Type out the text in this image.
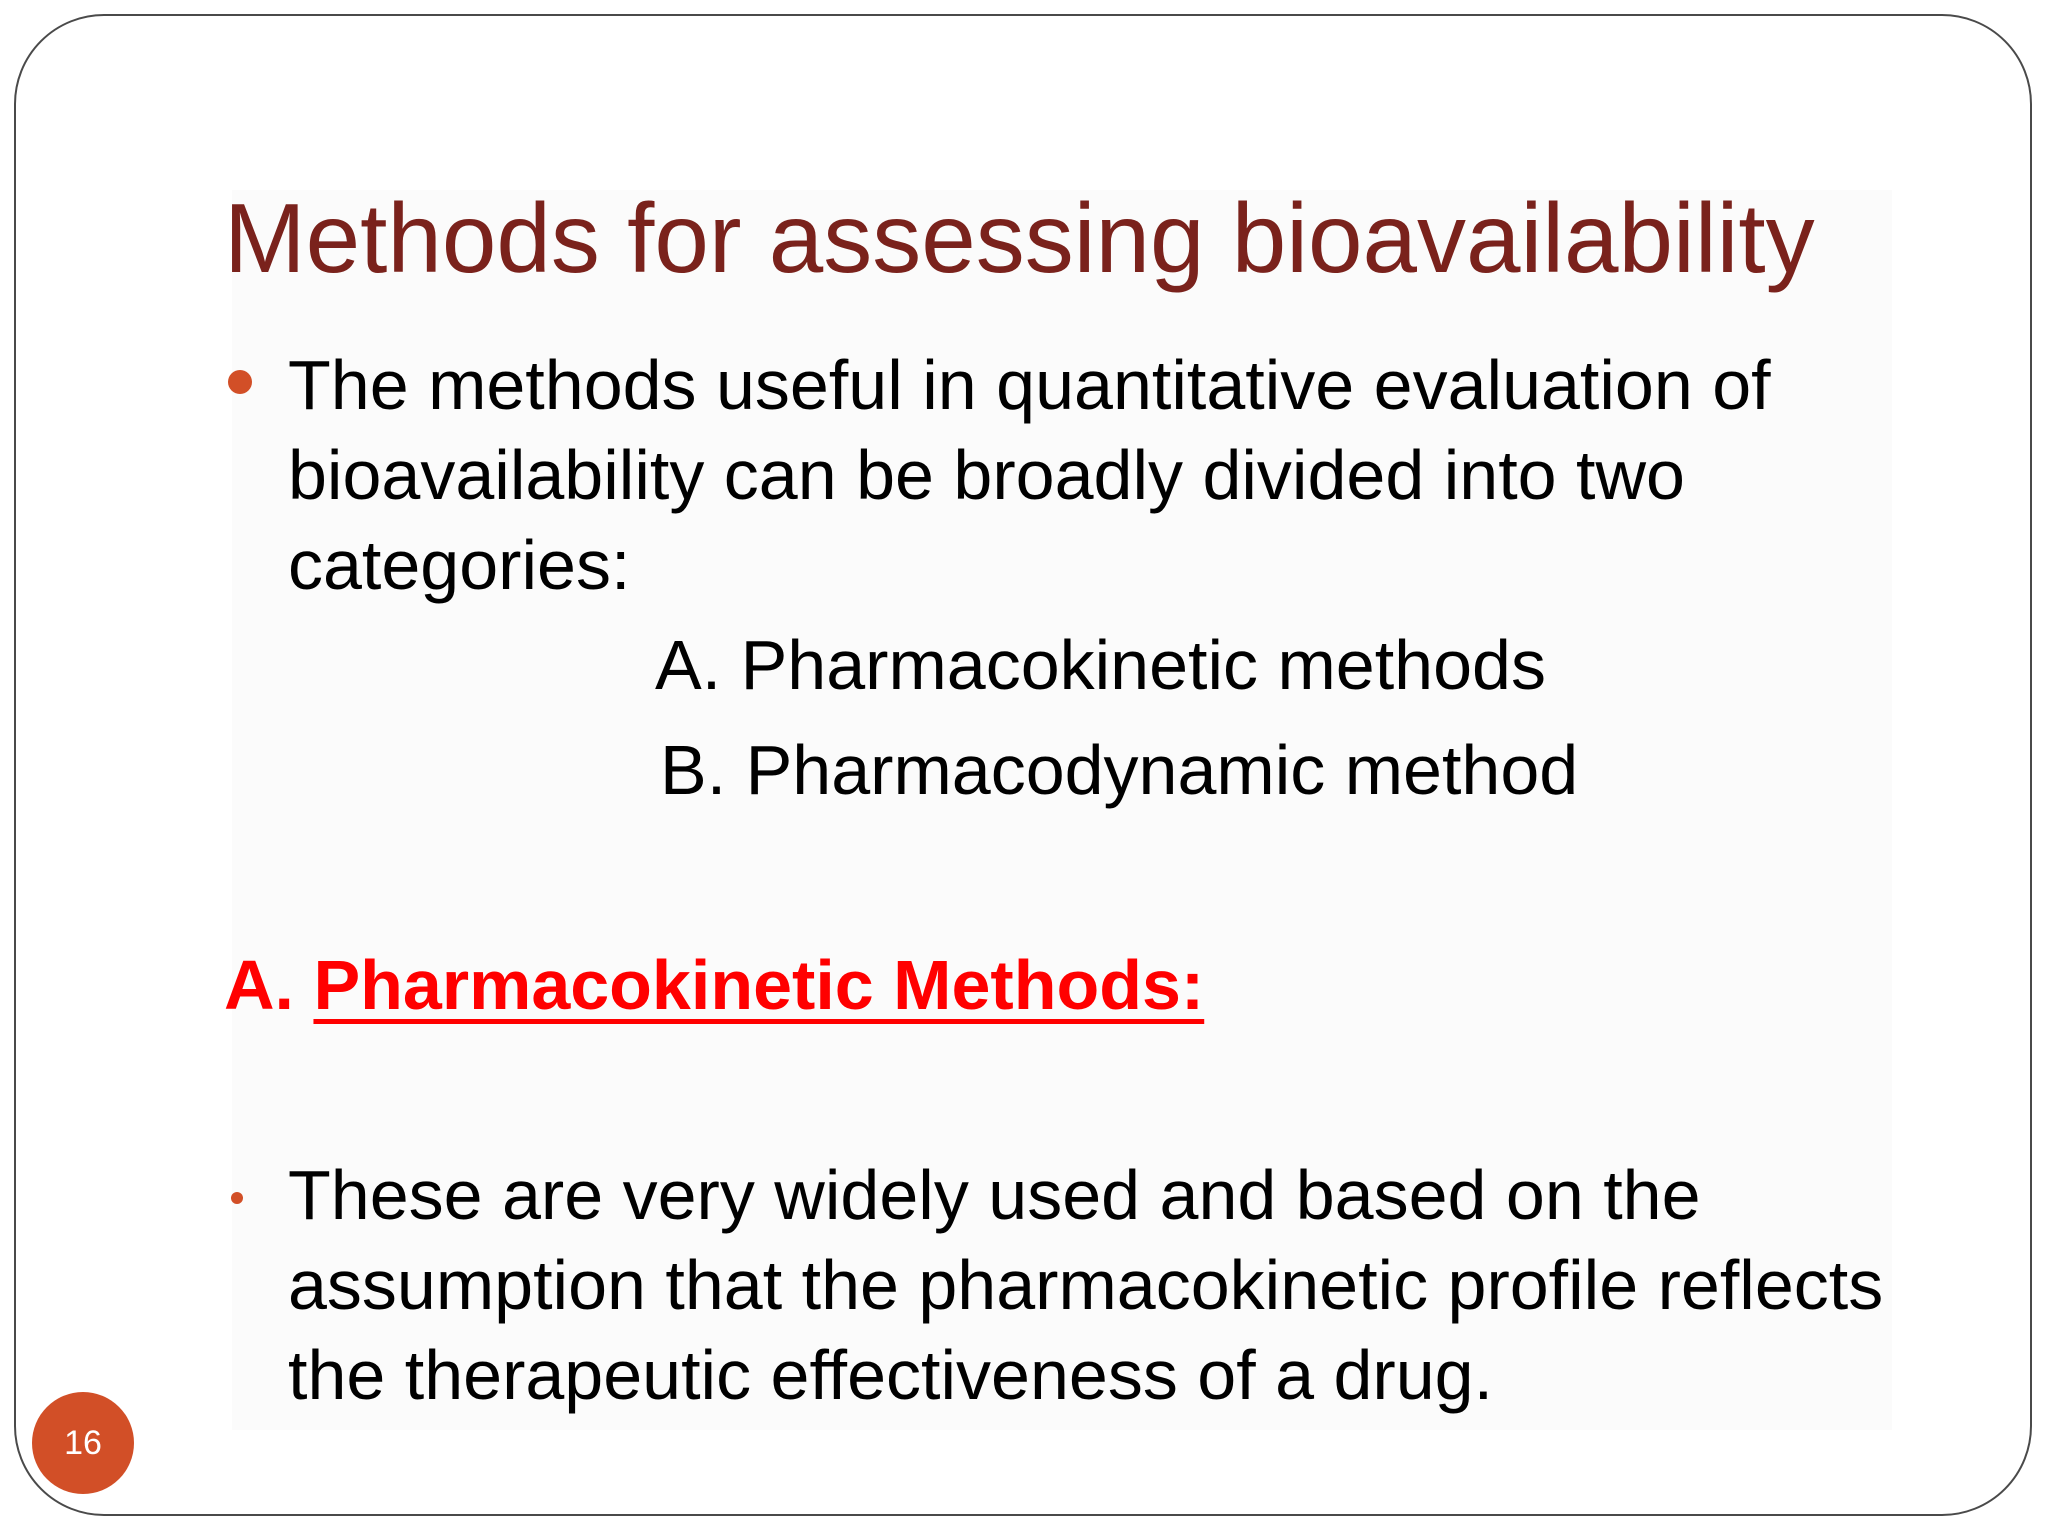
Methods for assessing bioavailability
The methods useful in quantitative evaluation of bioavailability can be broadly divided into two categories:
A. Pharmacokinetic methods
B. Pharmacodynamic method
A. Pharmacokinetic Methods:
These are very widely used and based on the assumption that the pharmacokinetic profile reflects the therapeutic effectiveness of a drug.
16
